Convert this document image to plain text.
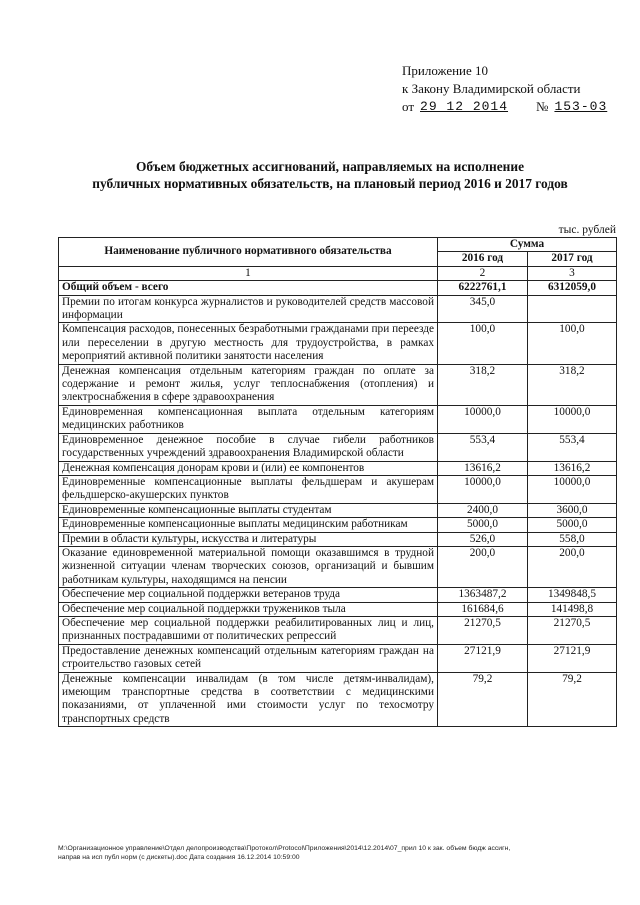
Приложение 10
к Закону Владимирской области
от 29 12 2014 № 153-03
Объем бюджетных ассигнований, направляемых на исполнение
публичных нормативных обязательств, на плановый период 2016 и 2017 годов
тыс. рублей
Наименование публичного нормативного обязательства	Сумма	
	2016 год	2017 год
1	2	3
Общий объем - всего	6222761,1	6312059,0
Премии по итогам конкурса журналистов и руководителей средств массовой информации	345,0	
Компенсация расходов, понесенных безработными гражданами при переезде или переселении в другую местность для трудоустройства, в рамках мероприятий активной политики занятости населения	100,0	100,0
Денежная компенсация отдельным категориям граждан по оплате за содержание и ремонт жилья, услуг теплоснабжения (отопления) и электроснабжения в сфере здравоохранения	318,2	318,2
Единовременная компенсационная выплата отдельным категориям медицинских работников	10000,0	10000,0
Единовременное денежное пособие в случае гибели работников государственных учреждений здравоохранения Владимирской области	553,4	553,4
Денежная компенсация донорам крови и (или) ее компонентов	13616,2	13616,2
Единовременные компенсационные выплаты фельдшерам и акушерам фельдшерско-акушерских пунктов	10000,0	10000,0
Единовременные компенсационные выплаты студентам	2400,0	3600,0
Единовременные компенсационные выплаты медицинским работникам	5000,0	5000,0
Премии в области культуры, искусства и литературы	526,0	558,0
Оказание единовременной материальной помощи оказавшимся в трудной жизненной ситуации членам творческих союзов, организаций и бывшим работникам культуры, находящимся на пенсии	200,0	200,0
Обеспечение мер социальной поддержки ветеранов труда	1363487,2	1349848,5
Обеспечение мер социальной поддержки тружеников тыла	161684,6	141498,8
Обеспечение мер социальной поддержки реабилитированных лиц и лиц, признанных пострадавшими от политических репрессий	21270,5	21270,5
Предоставление денежных компенсаций отдельным категориям граждан на строительство газовых сетей	27121,9	27121,9
Денежные компенсации инвалидам (в том числе детям-инвалидам), имеющим транспортные средства в соответствии с медицинскими показаниями, от уплаченной ими стоимости услуг по техосмотру транспортных средств	79,2	79,2
М:\Организационное управление\Отдел делопроизводства\Протокол\Protocol\Приложения\2014\12.2014\07_прил 10 к зак. объем бюдж ассигн,
направ на исп публ норм (с дискеты).doc Дата создания 16.12.2014 10:59:00
